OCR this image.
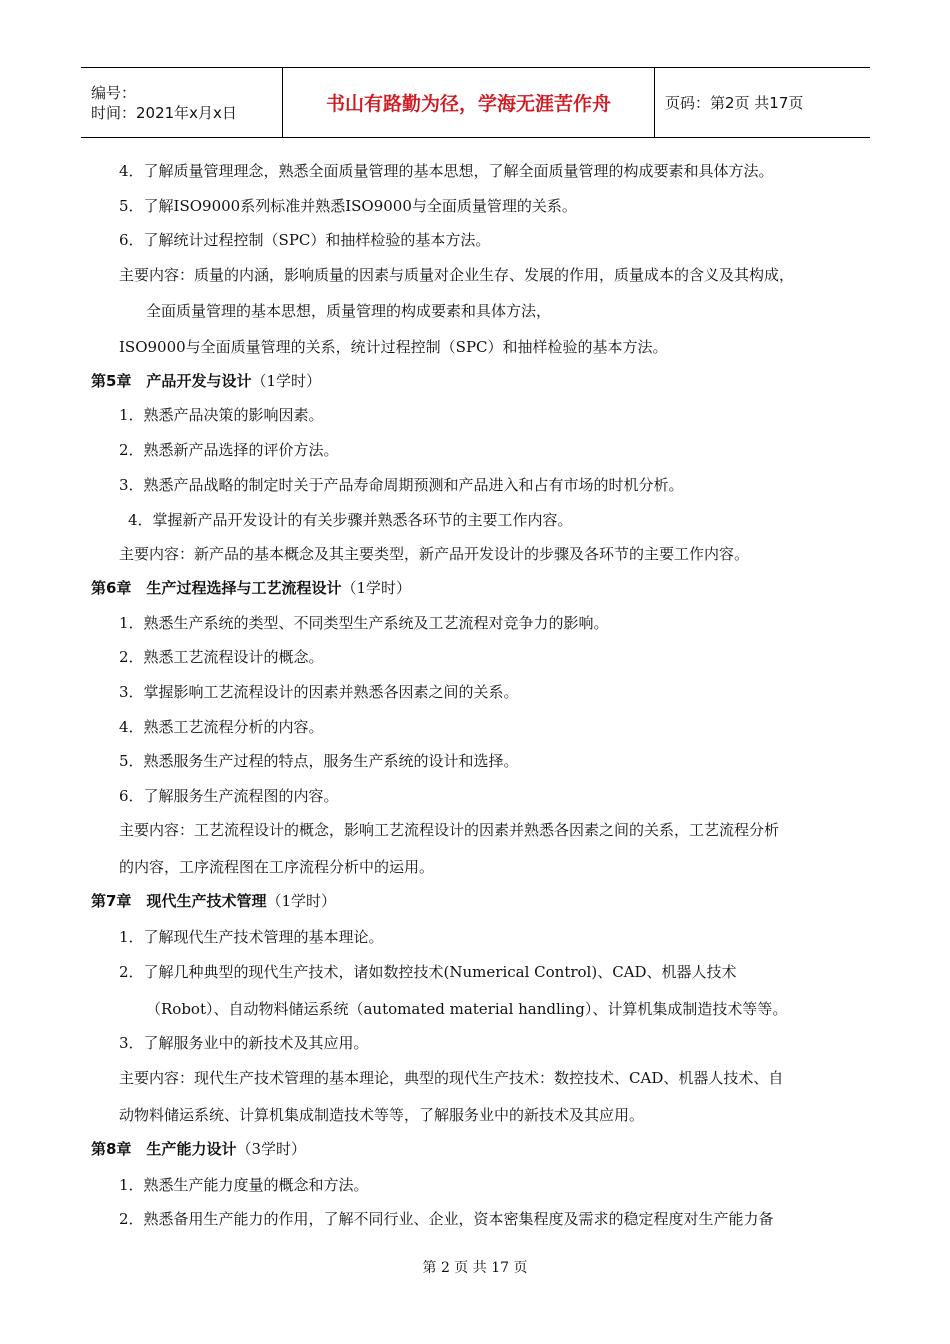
编号：
时间：2021年x月x日	书山有路勤为径，学海无涯苦作舟	页码：第2页 共17页
4．了解质量管理理念，熟悉全面质量管理的基本思想，了解全面质量管理的构成要素和具体方法。
5．了解ISO9000系列标准并熟悉ISO9000与全面质量管理的关系。
6．了解统计过程控制（SPC）和抽样检验的基本方法。
主要内容：质量的内涵，影响质量的因素与质量对企业生存、发展的作用，质量成本的含义及其构成，
全面质量管理的基本思想，质量管理的构成要素和具体方法，
ISO9000与全面质量管理的关系，统计过程控制（SPC）和抽样检验的基本方法。
第5章　产品开发与设计（1学时）
1．熟悉产品决策的影响因素。
2．熟悉新产品选择的评价方法。
3．熟悉产品战略的制定时关于产品寿命周期预测和产品进入和占有市场的时机分析。
4．掌握新产品开发设计的有关步骤并熟悉各环节的主要工作内容。
主要内容：新产品的基本概念及其主要类型，新产品开发设计的步骤及各环节的主要工作内容。
第6章　生产过程选择与工艺流程设计（1学时）
1．熟悉生产系统的类型、不同类型生产系统及工艺流程对竞争力的影响。
2．熟悉工艺流程设计的概念。
3．掌握影响工艺流程设计的因素并熟悉各因素之间的关系。
4．熟悉工艺流程分析的内容。
5．熟悉服务生产过程的特点，服务生产系统的设计和选择。
6．了解服务生产流程图的内容。
主要内容：工艺流程设计的概念，影响工艺流程设计的因素并熟悉各因素之间的关系，工艺流程分析
的内容，工序流程图在工序流程分析中的运用。
第7章　现代生产技术管理（1学时）
1．了解现代生产技术管理的基本理论。
2．了解几种典型的现代生产技术，诸如数控技术(Numerical Control)、CAD、机器人技术
（Robot）、自动物料储运系统（automated material handling）、计算机集成制造技术等等。
3．了解服务业中的新技术及其应用。
主要内容：现代生产技术管理的基本理论，典型的现代生产技术：数控技术、CAD、机器人技术、自
动物料储运系统、计算机集成制造技术等等，了解服务业中的新技术及其应用。
第8章　生产能力设计（3学时）
1．熟悉生产能力度量的概念和方法。
2．熟悉备用生产能力的作用，了解不同行业、企业，资本密集程度及需求的稳定程度对生产能力备
第 2 页 共 17 页
